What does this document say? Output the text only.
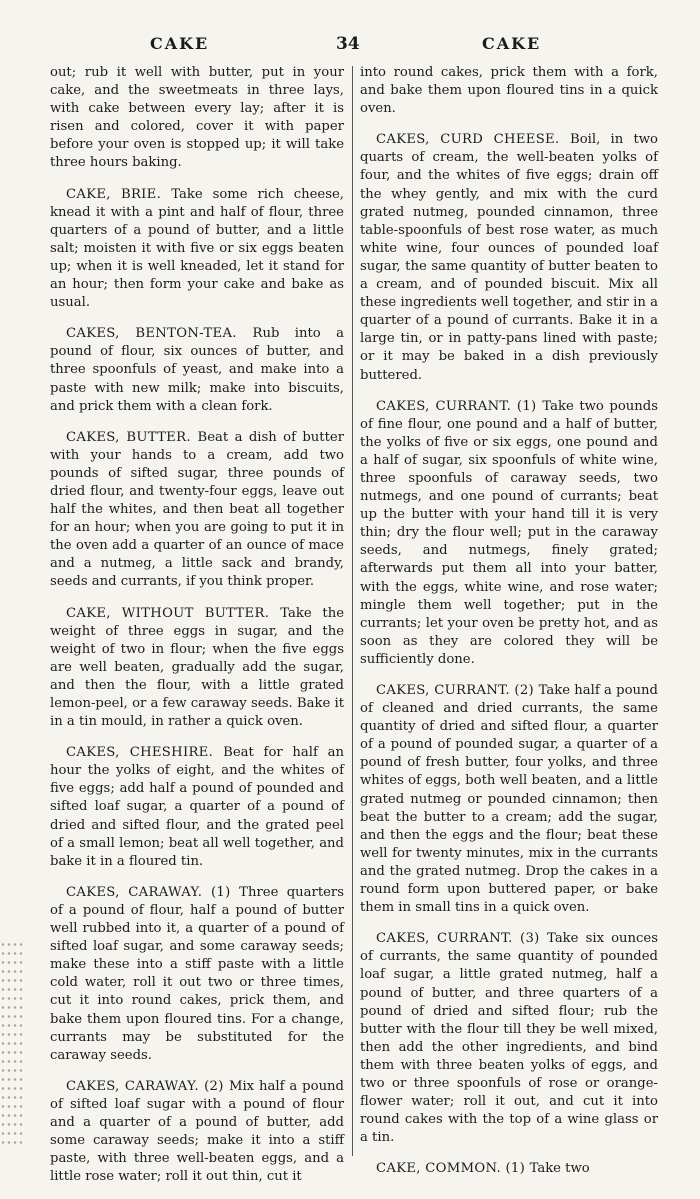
CAKE	34	CAKE

out; rub it well with butter, put in your cake, and the sweetmeats in three lays, with cake between every lay; after it is risen and colored, cover it with paper before your oven is stopped up; it will take three hours baking.

CAKE, BRIE. Take some rich cheese, knead it with a pint and half of flour, three quarters of a pound of butter, and a little salt; moisten it with five or six eggs beaten up; when it is well kneaded, let it stand for an hour; then form your cake and bake as usual.

CAKES, BENTON-TEA. Rub into a pound of flour, six ounces of butter, and three spoonfuls of yeast, and make into a paste with new milk; make into biscuits, and prick them with a clean fork.

CAKES, BUTTER. Beat a dish of butter with your hands to a cream, add two pounds of sifted sugar, three pounds of dried flour, and twenty-four eggs, leave out half the whites, and then beat all together for an hour; when you are going to put it in the oven add a quarter of an ounce of mace and a nutmeg, a little sack and brandy, seeds and currants, if you think proper.

CAKE, WITHOUT BUTTER. Take the weight of three eggs in sugar, and the weight of two in flour; when the five eggs are well beaten, gradually add the sugar, and then the flour, with a little grated lemon-peel, or a few caraway seeds. Bake it in a tin mould, in rather a quick oven.

CAKES, CHESHIRE. Beat for half an hour the yolks of eight, and the whites of five eggs; add half a pound of pounded and sifted loaf sugar, a quarter of a pound of dried and sifted flour, and the grated peel of a small lemon; beat all well together, and bake it in a floured tin.

CAKES, CARAWAY. (1) Three quarters of a pound of flour, half a pound of butter well rubbed into it, a quarter of a pound of sifted loaf sugar, and some caraway seeds; make these into a stiff paste with a little cold water, roll it out two or three times, cut it into round cakes, prick them, and bake them upon floured tins. For a change, currants may be substituted for the caraway seeds.

CAKES, CARAWAY. (2) Mix half a pound of sifted loaf sugar with a pound of flour and a quarter of a pound of butter, add some caraway seeds; make it into a stiff paste, with three well-beaten eggs, and a little rose water; roll it out thin, cut it

into round cakes, prick them with a fork, and bake them upon floured tins in a quick oven.

CAKES, CURD CHEESE. Boil, in two quarts of cream, the well-beaten yolks of four, and the whites of five eggs; drain off the whey gently, and mix with the curd grated nutmeg, pounded cinnamon, three table-spoonfuls of best rose water, as much white wine, four ounces of pounded loaf sugar, the same quantity of butter beaten to a cream, and of pounded biscuit. Mix all these ingredients well together, and stir in a quarter of a pound of currants. Bake it in a large tin, or in patty-pans lined with paste; or it may be baked in a dish previously buttered.

CAKES, CURRANT. (1) Take two pounds of fine flour, one pound and a half of butter, the yolks of five or six eggs, one pound and a half of sugar, six spoonfuls of white wine, three spoonfuls of caraway seeds, two nutmegs, and one pound of currants; beat up the butter with your hand till it is very thin; dry the flour well; put in the caraway seeds, and nutmegs, finely grated; afterwards put them all into your batter, with the eggs, white wine, and rose water; mingle them well together; put in the currants; let your oven be pretty hot, and as soon as they are colored they will be sufficiently done.

CAKES, CURRANT. (2) Take half a pound of cleaned and dried currants, the same quantity of dried and sifted flour, a quarter of a pound of pounded sugar, a quarter of a pound of fresh butter, four yolks, and three whites of eggs, both well beaten, and a little grated nutmeg or pounded cinnamon; then beat the butter to a cream; add the sugar, and then the eggs and the flour; beat these well for twenty minutes, mix in the currants and the grated nutmeg. Drop the cakes in a round form upon buttered paper, or bake them in small tins in a quick oven.

CAKES, CURRANT. (3) Take six ounces of currants, the same quantity of pounded loaf sugar, a little grated nutmeg, half a pound of butter, and three quarters of a pound of dried and sifted flour; rub the butter with the flour till they be well mixed, then add the other ingredients, and bind them with three beaten yolks of eggs, and two or three spoonfuls of rose or orange-flower water; roll it out, and cut it into round cakes with the top of a wine glass or a tin.

CAKE, COMMON. (1) Take two
